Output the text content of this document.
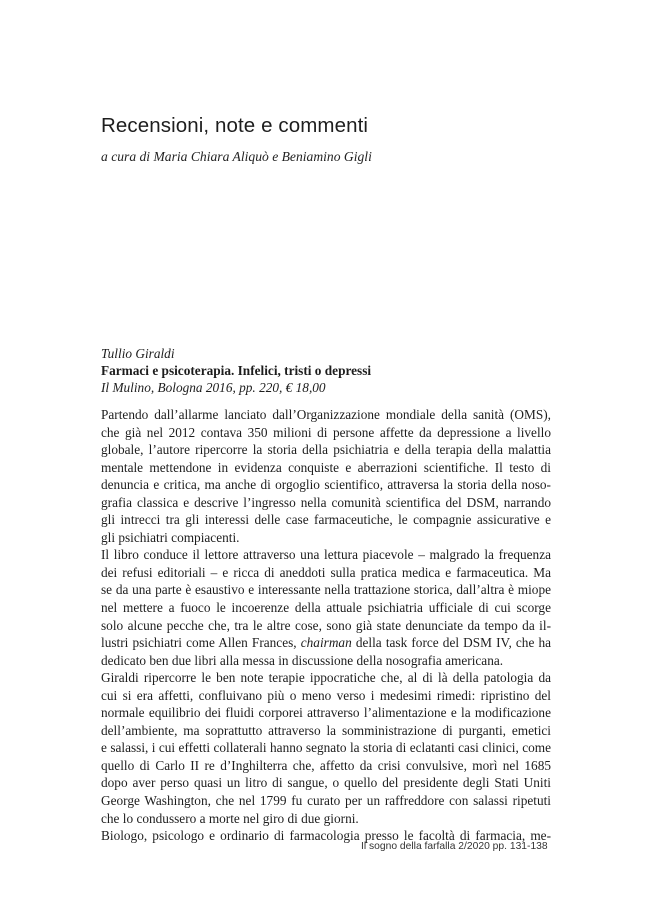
Recensioni, note e commenti
a cura di Maria Chiara Aliquò e Beniamino Gigli
Tullio Giraldi
Farmaci e psicoterapia. Infelici, tristi o depressi
Il Mulino, Bologna 2016, pp. 220, € 18,00
Partendo dall’allarme lanciato dall’Organizzazione mondiale della sanità (OMS),
che già nel 2012 contava 350 milioni di persone affette da depressione a livello
globale, l’autore ripercorre la storia della psichiatria e della terapia della malattia
mentale mettendone in evidenza conquiste e aberrazioni scientifiche. Il testo di
denuncia e critica, ma anche di orgoglio scientifico, attraversa la storia della noso-
grafia classica e descrive l’ingresso nella comunità scientifica del DSM, narrando
gli intrecci tra gli interessi delle case farmaceutiche, le compagnie assicurative e
gli psichiatri compiacenti.
Il libro conduce il lettore attraverso una lettura piacevole – malgrado la frequenza
dei refusi editoriali – e ricca di aneddoti sulla pratica medica e farmaceutica. Ma
se da una parte è esaustivo e interessante nella trattazione storica, dall’altra è miope
nel mettere a fuoco le incoerenze della attuale psichiatria ufficiale di cui scorge
solo alcune pecche che, tra le altre cose, sono già state denunciate da tempo da il-
lustri psichiatri come Allen Frances, chairman della task force del DSM IV, che ha
dedicato ben due libri alla messa in discussione della nosografia americana.
Giraldi ripercorre le ben note terapie ippocratiche che, al di là della patologia da
cui si era affetti, confluivano più o meno verso i medesimi rimedi: ripristino del
normale equilibrio dei fluidi corporei attraverso l’alimentazione e la modificazione
dell’ambiente, ma soprattutto attraverso la somministrazione di purganti, emetici
e salassi, i cui effetti collaterali hanno segnato la storia di eclatanti casi clinici, come
quello di Carlo II re d’Inghilterra che, affetto da crisi convulsive, morì nel 1685
dopo aver perso quasi un litro di sangue, o quello del presidente degli Stati Uniti
George Washington, che nel 1799 fu curato per un raffreddore con salassi ripetuti
che lo condussero a morte nel giro di due giorni.
Biologo, psicologo e ordinario di farmacologia presso le facoltà di farmacia, me-
Il sogno della farfalla 2/2020 pp. 131-138
